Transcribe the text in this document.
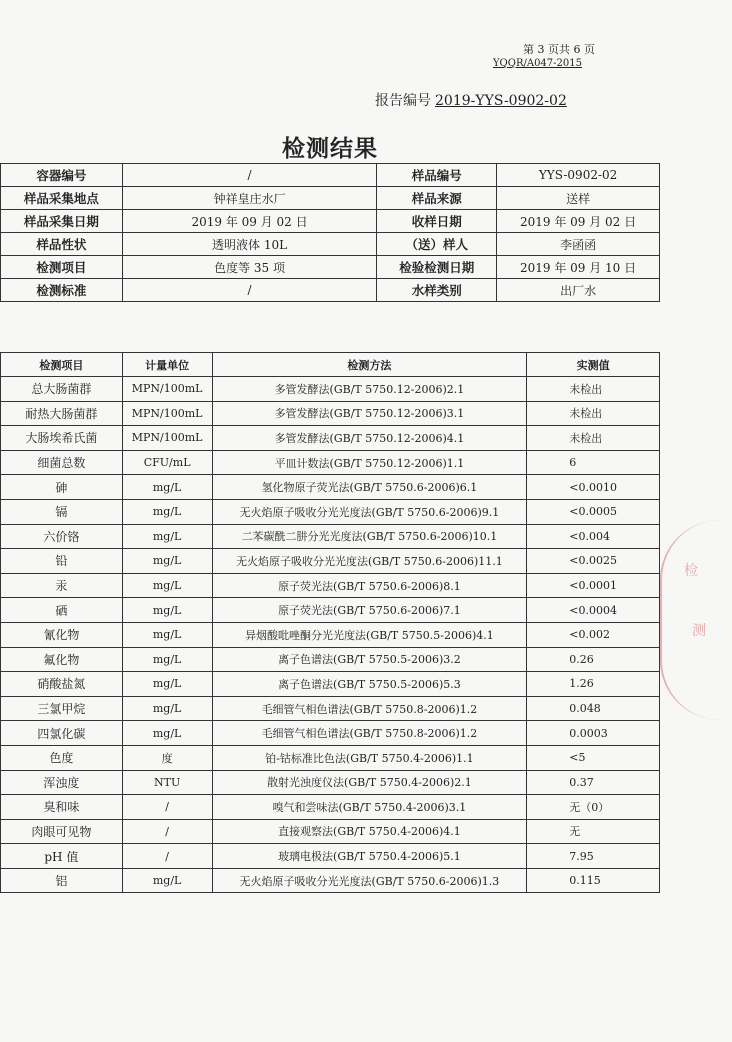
第 3 页共 6 页
YQQR/A047-2015
报告编号 2019-YYS-0902-02
检测结果
容器编号	/	样品编号	YYS-0902-02
样品采集地点	钟祥皇庄水厂	样品来源	送样
样品采集日期	2019 年 09 月 02 日	收样日期	2019 年 09 月 02 日
样品性状	透明液体 10L	（送）样人	李函函
检测项目	色度等 35 项	检验检测日期	2019 年 09 月 10 日
检测标准	/	水样类别	出厂水
检测项目	计量单位	检测方法	实测值
总大肠菌群	MPN/100mL	多管发酵法(GB/T 5750.12-2006)2.1	未检出
耐热大肠菌群	MPN/100mL	多管发酵法(GB/T 5750.12-2006)3.1	未检出
大肠埃希氏菌	MPN/100mL	多管发酵法(GB/T 5750.12-2006)4.1	未检出
细菌总数	CFU/mL	平皿计数法(GB/T 5750.12-2006)1.1	6
砷	mg/L	氢化物原子荧光法(GB/T 5750.6-2006)6.1	<0.0010
镉	mg/L	无火焰原子吸收分光光度法(GB/T 5750.6-2006)9.1	<0.0005
六价铬	mg/L	二苯碳酰二肼分光光度法(GB/T 5750.6-2006)10.1	<0.004
铅	mg/L	无火焰原子吸收分光光度法(GB/T 5750.6-2006)11.1	<0.0025
汞	mg/L	原子荧光法(GB/T 5750.6-2006)8.1	<0.0001
硒	mg/L	原子荧光法(GB/T 5750.6-2006)7.1	<0.0004
氰化物	mg/L	异烟酸吡唑酮分光光度法(GB/T 5750.5-2006)4.1	<0.002
氟化物	mg/L	离子色谱法(GB/T 5750.5-2006)3.2	0.26
硝酸盐氮	mg/L	离子色谱法(GB/T 5750.5-2006)5.3	1.26
三氯甲烷	mg/L	毛细管气相色谱法(GB/T 5750.8-2006)1.2	0.048
四氯化碳	mg/L	毛细管气相色谱法(GB/T 5750.8-2006)1.2	0.0003
色度	度	铂-钴标准比色法(GB/T 5750.4-2006)1.1	<5
浑浊度	NTU	散射光浊度仪法(GB/T 5750.4-2006)2.1	0.37
臭和味	/	嗅气和尝味法(GB/T 5750.4-2006)3.1	无（0）
肉眼可见物	/	直接观察法(GB/T 5750.4-2006)4.1	无
pH 值	/	玻璃电极法(GB/T 5750.4-2006)5.1	7.95
铝	mg/L	无火焰原子吸收分光光度法(GB/T 5750.6-2006)1.3	0.115
检
测
